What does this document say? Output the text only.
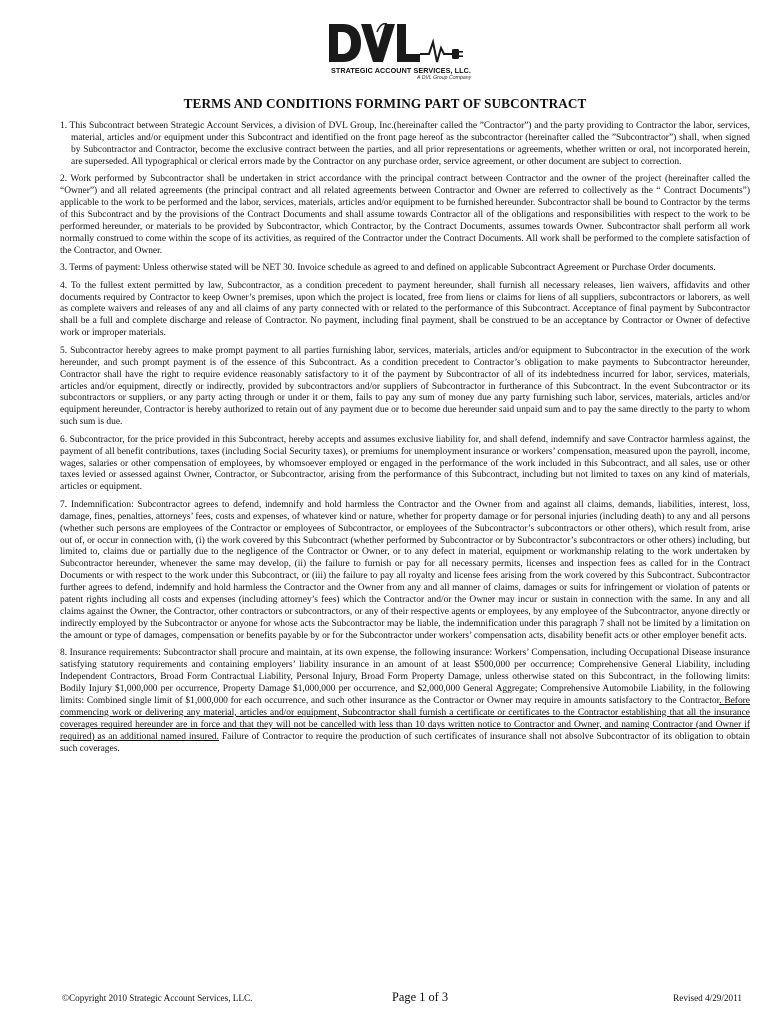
STRATEGIC ACCOUNT SERVICES, LLC.
A DVL Group Company
TERMS AND CONDITIONS FORMING PART OF SUBCONTRACT

1. This Subcontract between Strategic Account Services, a division of DVL Group, Inc.(hereinafter called the ”Contractor”) and the party providing to Contractor the labor, services, material, articles and/or equipment under this Subcontract and identified on the front page hereof as the subcontractor (hereinafter called the ”Subcontractor”) shall, when signed by Subcontractor and Contractor, become the exclusive contract between the parties, and all prior representations or agreements, whether written or oral, not incorporated herein, are superseded. All typographical or clerical errors made by the Contractor on any purchase order, service agreement, or other document are subject to correction.

2. Work performed by Subcontractor shall be undertaken in strict accordance with the principal contract between Contractor and the owner of the project (hereinafter called the “Owner”) and all related agreements (the principal contract and all related agreements between Contractor and Owner are referred to collectively as the “ Contract Documents”) applicable to the work to be performed and the labor, services, materials, articles and/or equipment to be furnished hereunder. Subcontractor shall be bound to Contractor by the terms of this Subcontract and by the provisions of the Contract Documents and shall assume towards Contractor all of the obligations and responsibilities with respect to the work to be performed hereunder, or materials to be provided by Subcontractor, which Contractor, by the Contract Documents, assumes towards Owner. Subcontractor shall perform all work normally construed to come within the scope of its activities, as required of the Contractor under the Contract Documents. All work shall be performed to the complete satisfaction of the Contractor, and Owner.

3. Terms of payment: Unless otherwise stated will be NET 30. Invoice schedule as agreed to and defined on applicable Subcontract Agreement or Purchase Order documents.

4. To the fullest extent permitted by law, Subcontractor, as a condition precedent to payment hereunder, shall furnish all necessary releases, lien waivers, affidavits and other documents required by Contractor to keep Owner’s premises, upon which the project is located, free from liens or claims for liens of all suppliers, subcontractors or laborers, as well as complete waivers and releases of any and all claims of any party connected with or related to the performance of this Subcontract. Acceptance of final payment by Subcontractor shall be a full and complete discharge and release of Contractor. No payment, including final payment, shall be construed to be an acceptance by Contractor or Owner of defective work or improper materials.

5. Subcontractor hereby agrees to make prompt payment to all parties furnishing labor, services, materials, articles and/or equipment to Subcontractor in the execution of the work hereunder, and such prompt payment is of the essence of this Subcontract. As a condition precedent to Contractor’s obligation to make payments to Subcontractor hereunder, Contractor shall have the right to require evidence reasonably satisfactory to it of the payment by Subcontractor of all of its indebtedness incurred for labor, services, materials, articles and/or equipment, directly or indirectly, provided by subcontractors and/or suppliers of Subcontractor in furtherance of this Subcontract. In the event Subcontractor or its subcontractors or suppliers, or any party acting through or under it or them, fails to pay any sum of money due any party furnishing such labor, services, materials, articles and/or equipment hereunder, Contractor is hereby authorized to retain out of any payment due or to become due hereunder said unpaid sum and to pay the same directly to the party to whom such sum is due.

6. Subcontractor, for the price provided in this Subcontract, hereby accepts and assumes exclusive liability for, and shall defend, indemnify and save Contractor harmless against, the payment of all benefit contributions, taxes (including Social Security taxes), or premiums for unemployment insurance or workers’ compensation, measured upon the payroll, income, wages, salaries or other compensation of employees, by whomsoever employed or engaged in the performance of the work included in this Subcontract, and all sales, use or other taxes levied or assessed against Owner, Contractor, or Subcontractor, arising from the performance of this Subcontract, including but not limited to taxes on any kind of materials, articles or equipment.

7. Indemnification: Subcontractor agrees to defend, indemnify and hold harmless the Contractor and the Owner from and against all claims, demands, liabilities, interest, loss, damage, fines, penalties, attorneys’ fees, costs and expenses, of whatever kind or nature, whether for property damage or for personal injuries (including death) to any and all persons (whether such persons are employees of the Contractor or employees of Subcontractor, or employees of the Subcontractor’s subcontractors or other others), which result from, arise out of, or occur in connection with, (i) the work covered by this Subcontract (whether performed by Subcontractor or by Subcontractor’s subcontractors or other others) including, but limited to, claims due or partially due to the negligence of the Contractor or Owner, or to any defect in material, equipment or workmanship relating to the work undertaken by Subcontractor hereunder, whenever the same may develop, (ii) the failure to furnish or pay for all necessary permits, licenses and inspection fees as called for in the Contract Documents or with respect to the work under this Subcontract, or (iii) the failure to pay all royalty and license fees arising from the work covered by this Subcontract. Subcontractor further agrees to defend, indemnify and hold harmless the Contractor and the Owner from any and all manner of claims, damages or suits for infringement or violation of patents or patent rights including all costs and expenses (including attorney’s fees) which the Contractor and/or the Owner may incur or sustain in connection with the same. In any and all claims against the Owner, the Contractor, other contractors or subcontractors, or any of their respective agents or employees, by any employee of the Subcontractor, anyone directly or indirectly employed by the Subcontractor or anyone for whose acts the Subcontractor may be liable, the indemnification under this paragraph 7 shall not be limited by a limitation on the amount or type of damages, compensation or benefits payable by or for the Subcontractor under workers’ compensation acts, disability benefit acts or other employer benefit acts.

8. Insurance requirements: Subcontractor shall procure and maintain, at its own expense, the following insurance: Workers’ Compensation, including Occupational Disease insurance satisfying statutory requirements and containing employers’ liability insurance in an amount of at least $500,000 per occurrence; Comprehensive General Liability, including Independent Contractors, Broad Form Contractual Liability, Personal Injury, Broad Form Property Damage, unless otherwise stated on this Subcontract, in the following limits: Bodily Injury $1,000,000 per occurrence, Property Damage $1,000,000 per occurrence, and $2,000,000 General Aggregate; Comprehensive Automobile Liability, in the following limits: Combined single limit of $1,000,000 for each occurrence, and such other insurance as the Contractor or Owner may require in amounts satisfactory to the Contractor. Before commencing work or delivering any material, articles and/or equipment, Subcontractor shall furnish a certificate or certificates to the Contractor establishing that all the insurance coverages required hereunder are in force and that they will not be cancelled with less than 10 days written notice to Contractor and Owner, and naming Contractor (and Owner if required) as an additional named insured. Failure of Contractor to require the production of such certificates of insurance shall not absolve Subcontractor of its obligation to obtain such coverages.

©Copyright 2010 Strategic Account Services, LLC.	Page 1 of 3	Revised 4/29/2011
